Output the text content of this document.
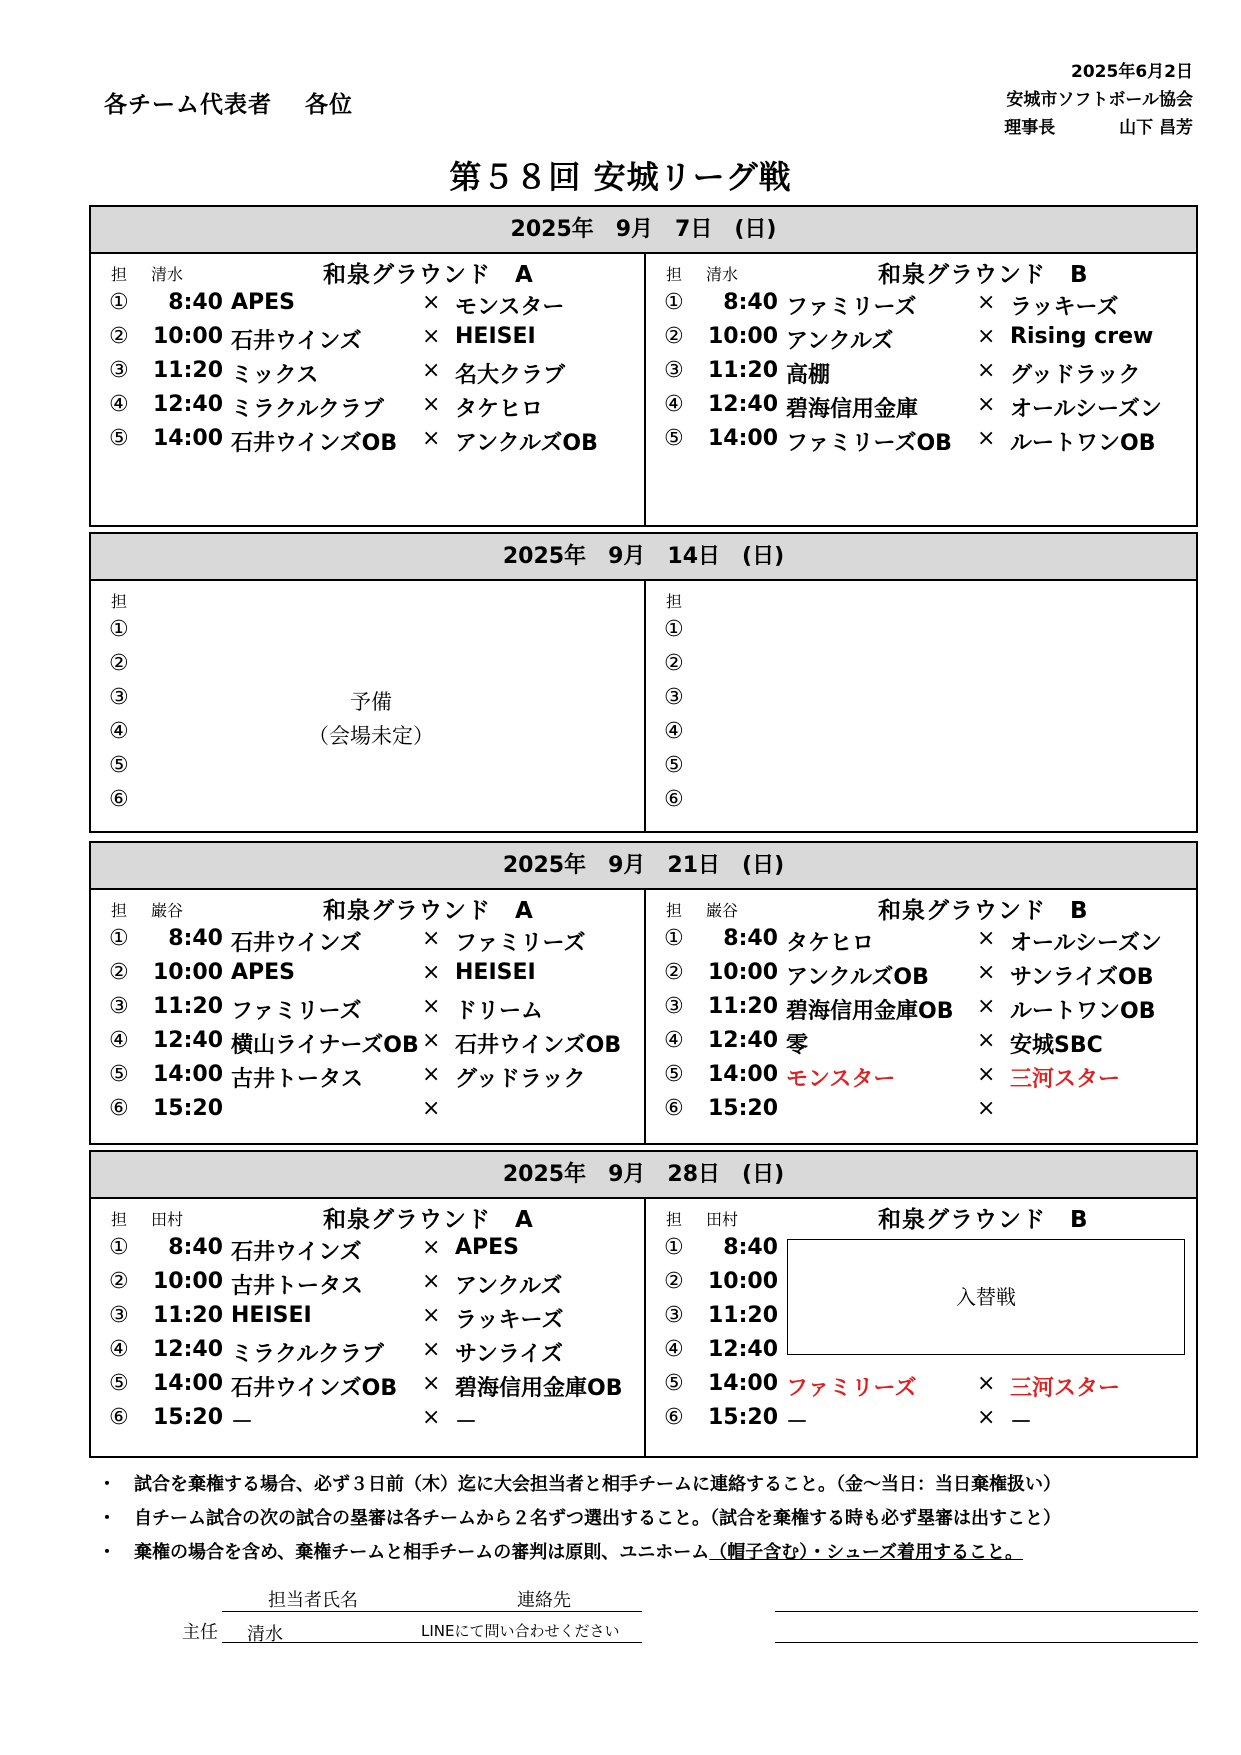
各チーム代表者　 各位
2025年6月2日
安城市ソフトボール協会
理事長	山下 昌芳
第５８回 安城リーグ戦
2025年　9月　7日　(日)
担 清水	和泉グラウンド　A
①	8:40 APES	× モンスター
②	10:00 石井ウインズ	× HEISEI
③	11:20 ミックス	× 名大クラブ
④	12:40 ミラクルクラブ	× タケヒロ
⑤	14:00 石井ウインズOB	× アンクルズOB
担 清水	和泉グラウンド　B
①	8:40 ファミリーズ	× ラッキーズ
②	10:00 アンクルズ	× Rising crew
③	11:20 高棚	× グッドラック
④	12:40 碧海信用金庫	× オールシーズン
⑤	14:00 ファミリーズOB	× ルートワンOB
2025年　9月　14日　(日)
担
①
②
③
④
⑤
⑥
予備
（会場未定）
担
①
②
③
④
⑤
⑥
2025年　9月　21日　(日)
担 巌谷	和泉グラウンド　A
①	8:40 石井ウインズ	× ファミリーズ
②	10:00 APES	× HEISEI
③	11:20 ファミリーズ	× ドリーム
④	12:40 横山ライナーズOB × 石井ウインズOB
⑤	14:00 古井トータス	× グッドラック
⑥	15:20	×
担 巌谷	和泉グラウンド　B
①	8:40 タケヒロ	× オールシーズン
②	10:00 アンクルズOB	× サンライズOB
③	11:20 碧海信用金庫OB	× ルートワンOB
④	12:40 零	× 安城SBC
⑤	14:00 モンスター	× 三河スター
⑥	15:20	×
2025年　9月　28日　(日)
担 田村	和泉グラウンド　A
①	8:40 石井ウインズ	× APES
②	10:00 古井トータス	× アンクルズ
③	11:20 HEISEI	× ラッキーズ
④	12:40 ミラクルクラブ	× サンライズ
⑤	14:00 石井ウインズOB	× 碧海信用金庫OB
⑥	15:20 －	× －
担 田村	和泉グラウンド　B
①	8:40
②	10:00
③	11:20
④	12:40
⑤	14:00 ファミリーズ	× 三河スター
⑥	15:20 －	× －
入替戦
・ 試合を棄権する場合、必ず３日前（木）迄に大会担当者と相手チームに連絡すること。（金～当日：当日棄権扱い）
・ 自チーム試合の次の試合の塁審は各チームから２名ずつ選出すること。（試合を棄権する時も必ず塁審は出すこと）
・ 棄権の場合を含め、棄権チームと相手チームの審判は原則、ユニホーム（帽子含む）・シューズ着用すること。
担当者氏名	連絡先
主任 清水	LINEにて問い合わせください
